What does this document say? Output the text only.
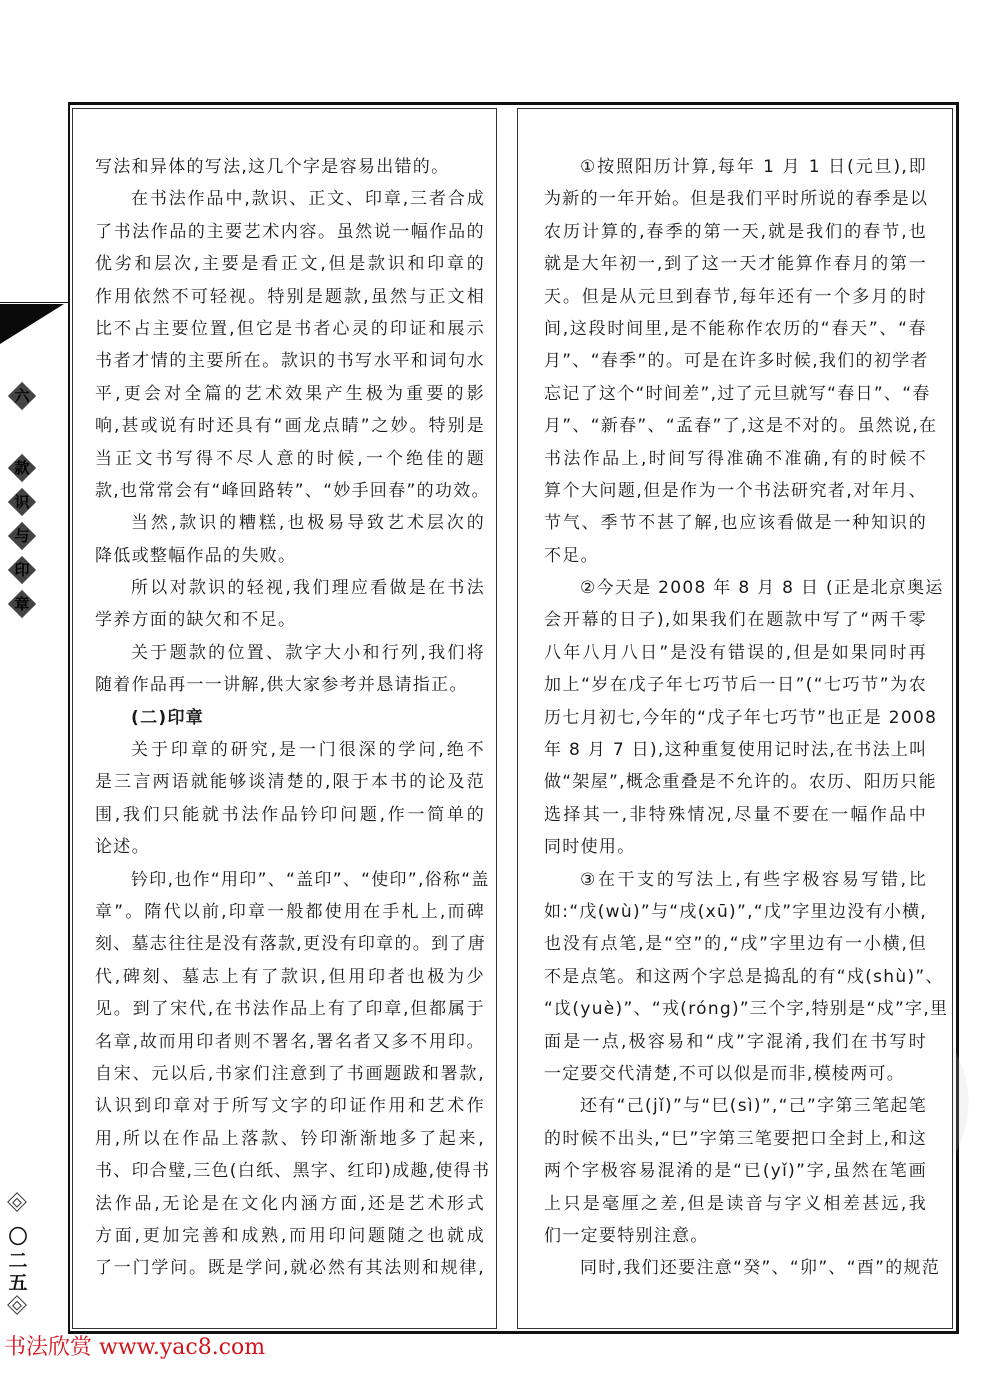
写法和异体的写法,这几个字是容易出错的。
在书法作品中,款识、正文、印章,三者合成
了书法作品的主要艺术内容。虽然说一幅作品的
优劣和层次,主要是看正文,但是款识和印章的
作用依然不可轻视。特别是题款,虽然与正文相
比不占主要位置,但它是书者心灵的印证和展示
书者才情的主要所在。款识的书写水平和词句水
平,更会对全篇的艺术效果产生极为重要的影
响,甚或说有时还具有“画龙点睛”之妙。特别是
当正文书写得不尽人意的时候,一个绝佳的题
款,也常常会有“峰回路转”、“妙手回春”的功效。
当然,款识的糟糕,也极易导致艺术层次的
降低或整幅作品的失败。
所以对款识的轻视,我们理应看做是在书法
学养方面的缺欠和不足。
关于题款的位置、款字大小和行列,我们将
随着作品再一一讲解,供大家参考并恳请指正。
(二)印章
关于印章的研究,是一门很深的学问,绝不
是三言两语就能够谈清楚的,限于本书的论及范
围,我们只能就书法作品钤印问题,作一简单的
论述。
钤印,也作“用印”、“盖印”、“使印”,俗称“盖
章”。隋代以前,印章一般都使用在手札上,而碑
刻、墓志往往是没有落款,更没有印章的。到了唐
代,碑刻、墓志上有了款识,但用印者也极为少
见。到了宋代,在书法作品上有了印章,但都属于
名章,故而用印者则不署名,署名者又多不用印。
自宋、元以后,书家们注意到了书画题跋和署款,
认识到印章对于所写文字的印证作用和艺术作
用,所以在作品上落款、钤印渐渐地多了起来,
书、印合璧,三色(白纸、黑字、红印)成趣,使得书
法作品,无论是在文化内涵方面,还是艺术形式
方面,更加完善和成熟,而用印问题随之也就成
了一门学问。既是学问,就必然有其法则和规律,
①按照阳历计算,每年 1 月 1 日(元旦),即
为新的一年开始。但是我们平时所说的春季是以
农历计算的,春季的第一天,就是我们的春节,也
就是大年初一,到了这一天才能算作春月的第一
天。但是从元旦到春节,每年还有一个多月的时
间,这段时间里,是不能称作农历的“春天”、“春
月”、“春季”的。可是在许多时候,我们的初学者
忘记了这个“时间差”,过了元旦就写“春日”、“春
月”、“新春”、“孟春”了,这是不对的。虽然说,在
书法作品上,时间写得准确不准确,有的时候不
算个大问题,但是作为一个书法研究者,对年月、
节气、季节不甚了解,也应该看做是一种知识的
不足。
②今天是 2008 年 8 月 8 日 (正是北京奥运
会开幕的日子),如果我们在题款中写了“两千零
八年八月八日”是没有错误的,但是如果同时再
加上“岁在戊子年七巧节后一日”(“七巧节”为农
历七月初七,今年的“戊子年七巧节”也正是 2008
年 8 月 7 日),这种重复使用记时法,在书法上叫
做“架屋”,概念重叠是不允许的。农历、阳历只能
选择其一,非特殊情况,尽量不要在一幅作品中
同时使用。
③在干支的写法上,有些字极容易写错,比
如:“戊(wù)”与“戌(xū)”,“戊”字里边没有小横,
也没有点笔,是“空”的,“戌”字里边有一小横,但
不是点笔。和这两个字总是捣乱的有“戍(shù)”、
“戉(yuè)”、“戎(róng)”三个字,特别是“戍”字,里
面是一点,极容易和“戌”字混淆,我们在书写时
一定要交代清楚,不可以似是而非,模棱两可。
还有“己(jǐ)”与“巳(sì)”,“己”字第三笔起笔
的时候不出头,“巳”字第三笔要把口全封上,和这
两个字极容易混淆的是“已(yǐ)”字,虽然在笔画
上只是毫厘之差,但是读音与字义相差甚远,我
们一定要特别注意。
同时,我们还要注意“癸”、“卯”、“酉”的规范
六
款
识
与
印
章
〇
二
五
书法欣赏 www.yac8.com
